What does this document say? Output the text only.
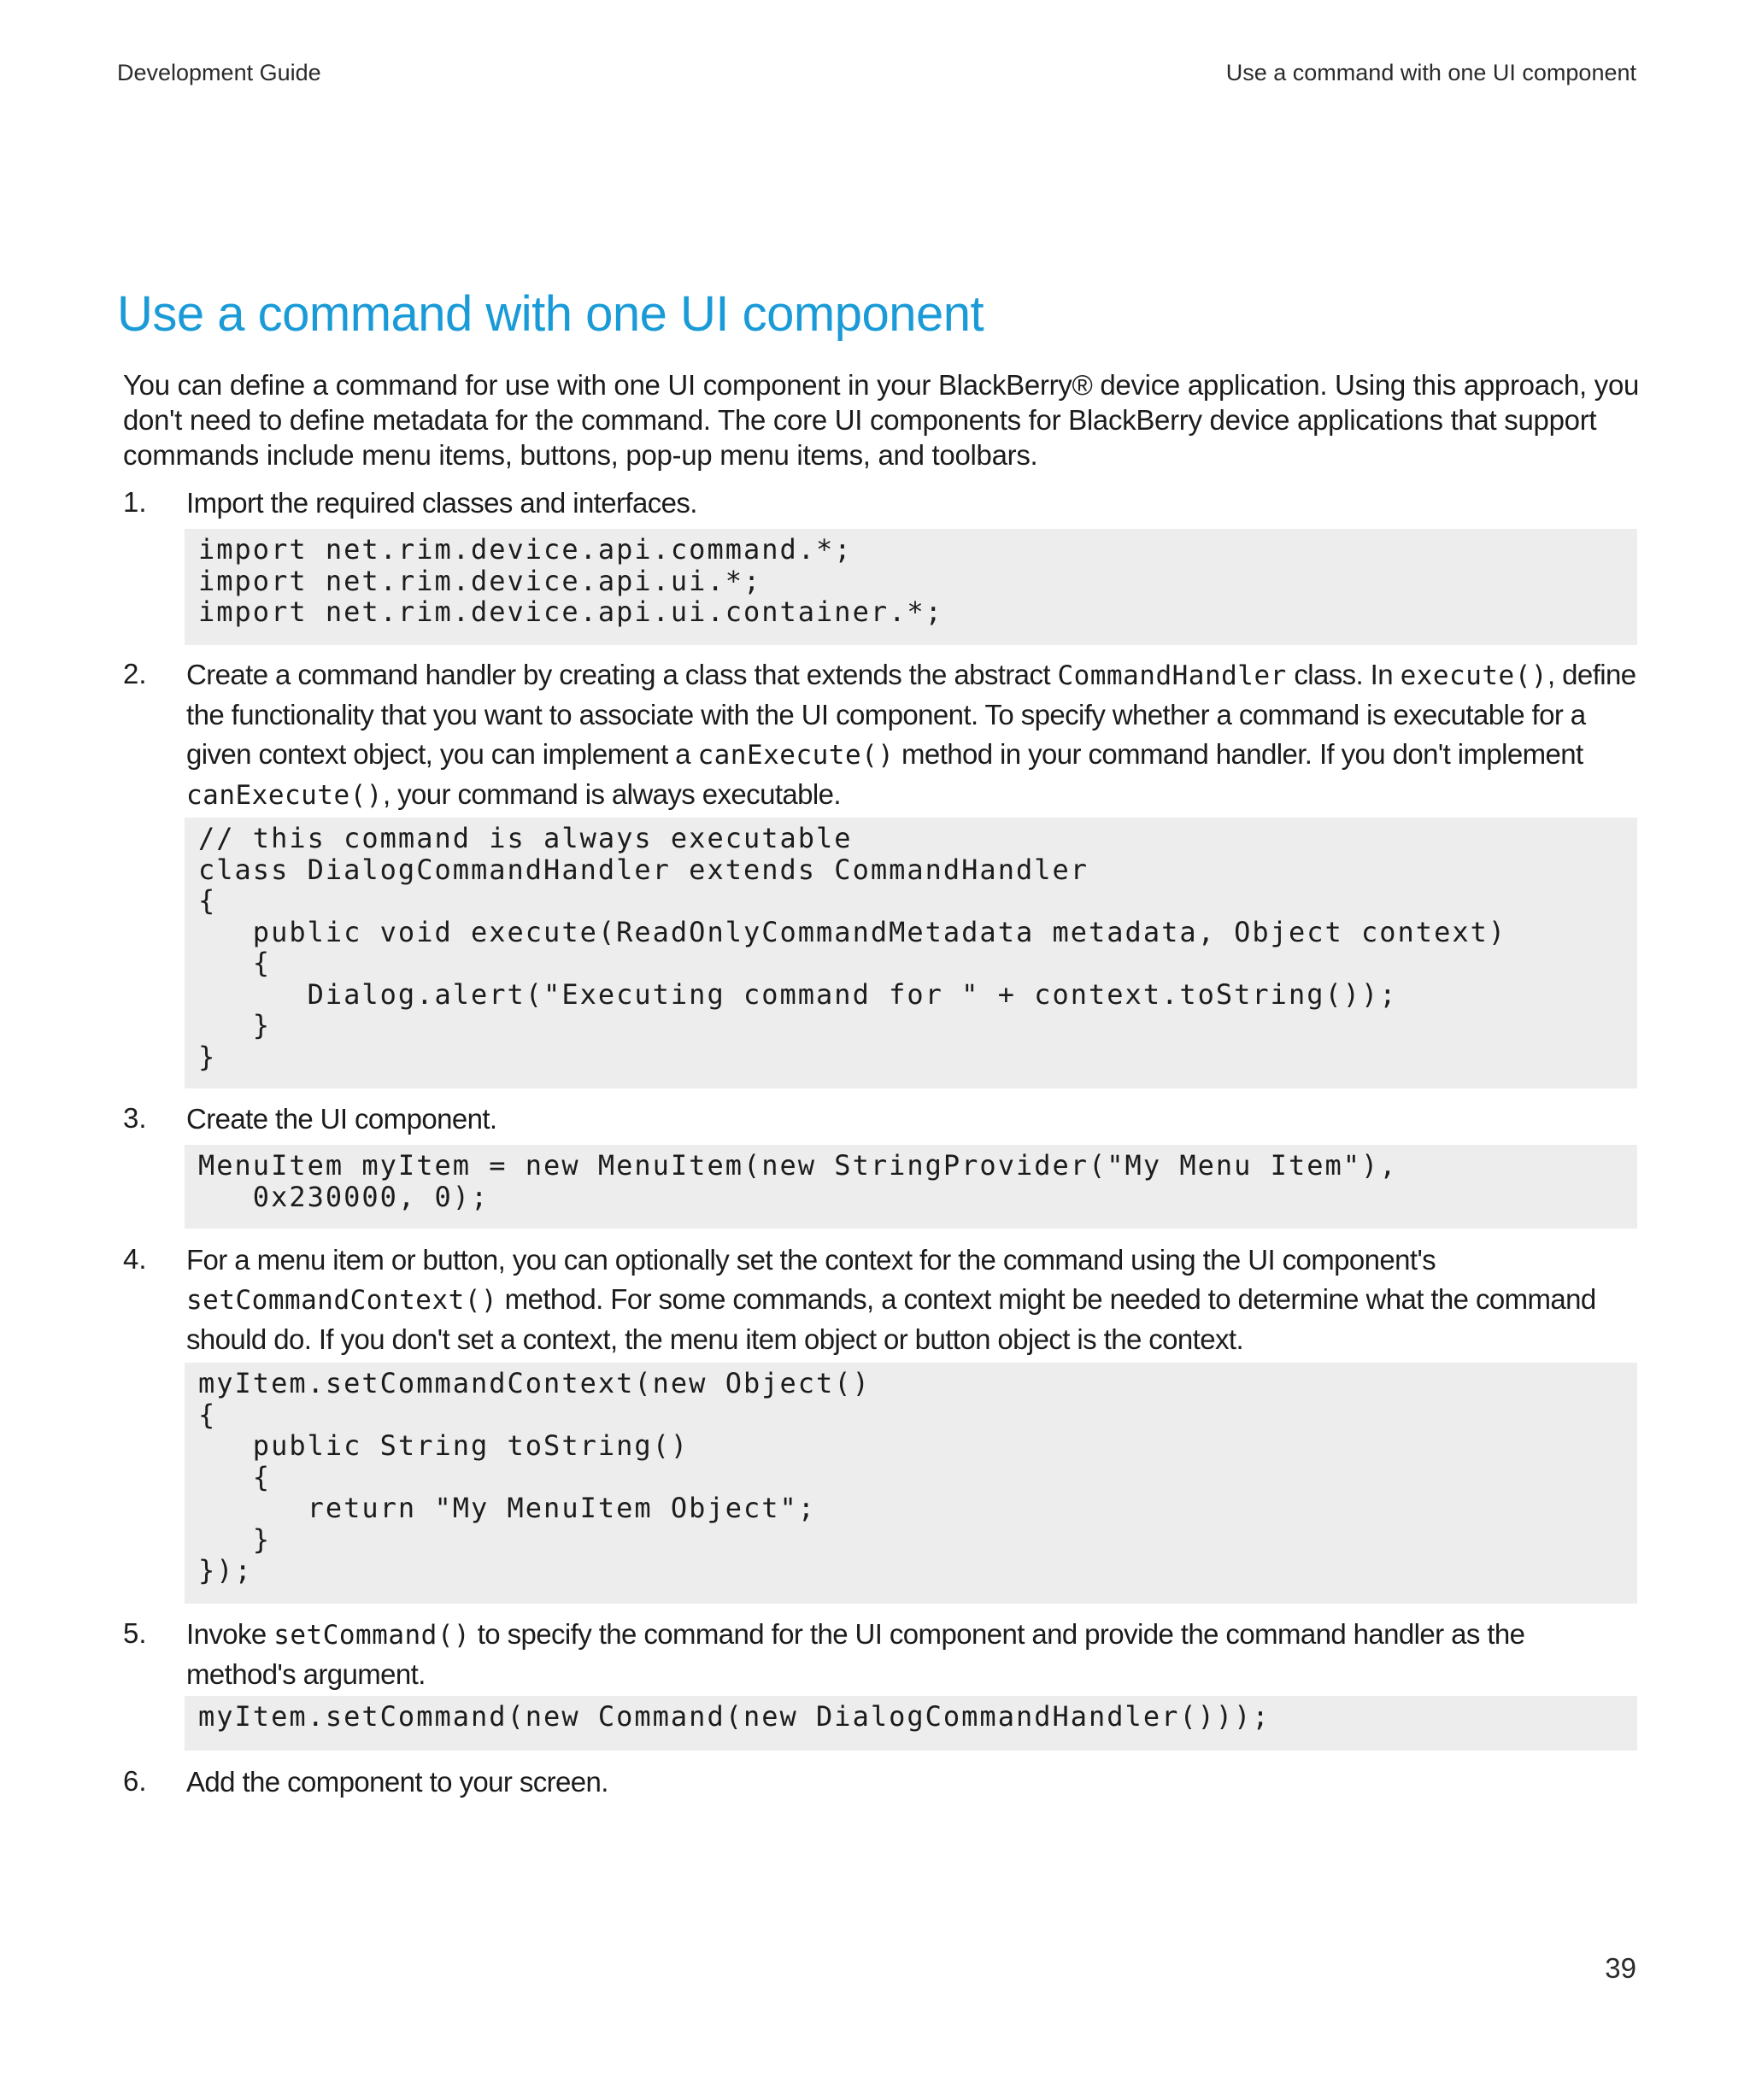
Development Guide	Use a command with one UI component
Use a command with one UI component

You can define a command for use with one UI component in your BlackBerry® device application. Using this approach, you don't need to define metadata for the command. The core UI components for BlackBerry device applications that support commands include menu items, buttons, pop-up menu items, and toolbars.

1. Import the required classes and interfaces.
import net.rim.device.api.command.*;
import net.rim.device.api.ui.*;
import net.rim.device.api.ui.container.*;
2. Create a command handler by creating a class that extends the abstract CommandHandler class. In execute(), define the functionality that you want to associate with the UI component. To specify whether a command is executable for a given context object, you can implement a canExecute() method in your command handler. If you don't implement canExecute(), your command is always executable.
// this command is always executable
class DialogCommandHandler extends CommandHandler
{
public void execute(ReadOnlyCommandMetadata metadata, Object context)
{
Dialog.alert("Executing command for " + context.toString());
}
}
3. Create the UI component.
MenuItem myItem = new MenuItem(new StringProvider("My Menu Item"),
0x230000, 0);
4. For a menu item or button, you can optionally set the context for the command using the UI component's setCommandContext() method. For some commands, a context might be needed to determine what the command should do. If you don't set a context, the menu item object or button object is the context.
myItem.setCommandContext(new Object()
{
public String toString()
{
return "My MenuItem Object";
}
});
5. Invoke setCommand() to specify the command for the UI component and provide the command handler as the method's argument.
myItem.setCommand(new Command(new DialogCommandHandler()));
6. Add the component to your screen.
39
